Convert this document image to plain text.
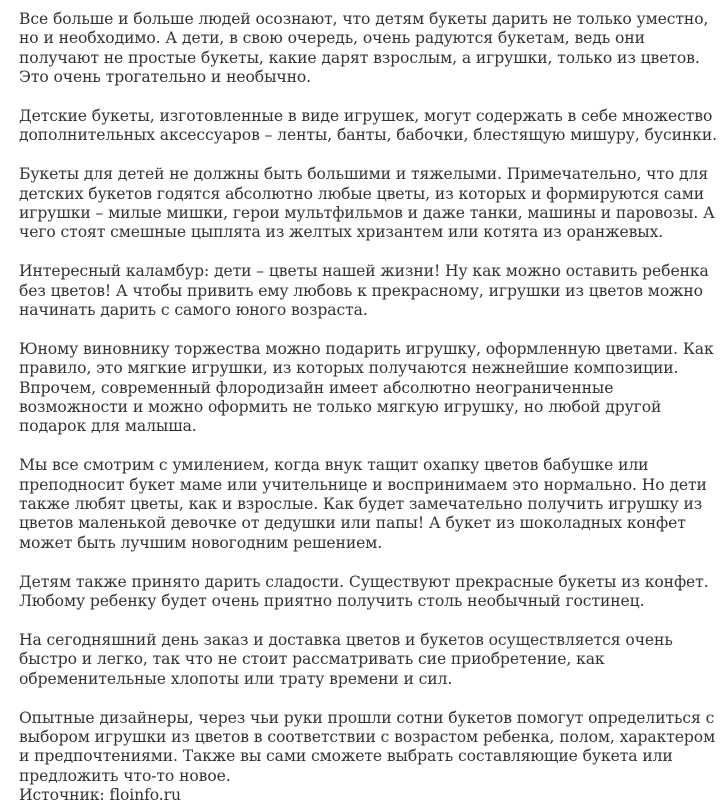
Все больше и больше людей осознают, что детям букеты дарить не только уместно, но и необходимо. А дети, в свою очередь, очень радуются букетам, ведь они получают не простые букеты, какие дарят взрослым, а игрушки, только из цветов. Это очень трогательно и необычно.

Детские букеты, изготовленные в виде игрушек, могут содержать в себе множество дополнительных аксессуаров – ленты, банты, бабочки, блестящую мишуру, бусинки.

Букеты для детей не должны быть большими и тяжелыми. Примечательно, что для детских букетов годятся абсолютно любые цветы, из которых и формируются сами игрушки – милые мишки, герои мультфильмов и даже танки, машины и паровозы. А чего стоят смешные цыплята из желтых хризантем или котята из оранжевых.

Интересный каламбур: дети – цветы нашей жизни! Ну как можно оставить ребенка без цветов! А чтобы привить ему любовь к прекрасному, игрушки из цветов можно начинать дарить с самого юного возраста.

Юному виновнику торжества можно подарить игрушку, оформленную цветами. Как правило, это мягкие игрушки, из которых получаются нежнейшие композиции. Впрочем, современный флородизайн имеет абсолютно неограниченные возможности и можно оформить не только мягкую игрушку, но любой другой подарок для малыша.

Мы все смотрим с умилением, когда внук тащит охапку цветов бабушке или преподносит букет маме или учительнице и воспринимаем это нормально. Но дети также любят цветы, как и взрослые. Как будет замечательно получить игрушку из цветов маленькой девочке от дедушки или папы! А букет из шоколадных конфет может быть лучшим новогодним решением.

Детям также принято дарить сладости. Существуют прекрасные букеты из конфет. Любому ребенку будет очень приятно получить столь необычный гостинец.

На сегодняшний день заказ и доставка цветов и букетов осуществляется очень быстро и легко, так что не стоит рассматривать сие приобретение, как обременительные хлопоты или трату времени и сил.

Опытные дизайнеры, через чьи руки прошли сотни букетов помогут определиться с выбором игрушки из цветов в соответствии с возрастом ребенка, полом, характером и предпочтениями. Также вы сами сможете выбрать составляющие букета или предложить что-то новое.

Источник: floinfo.ru
